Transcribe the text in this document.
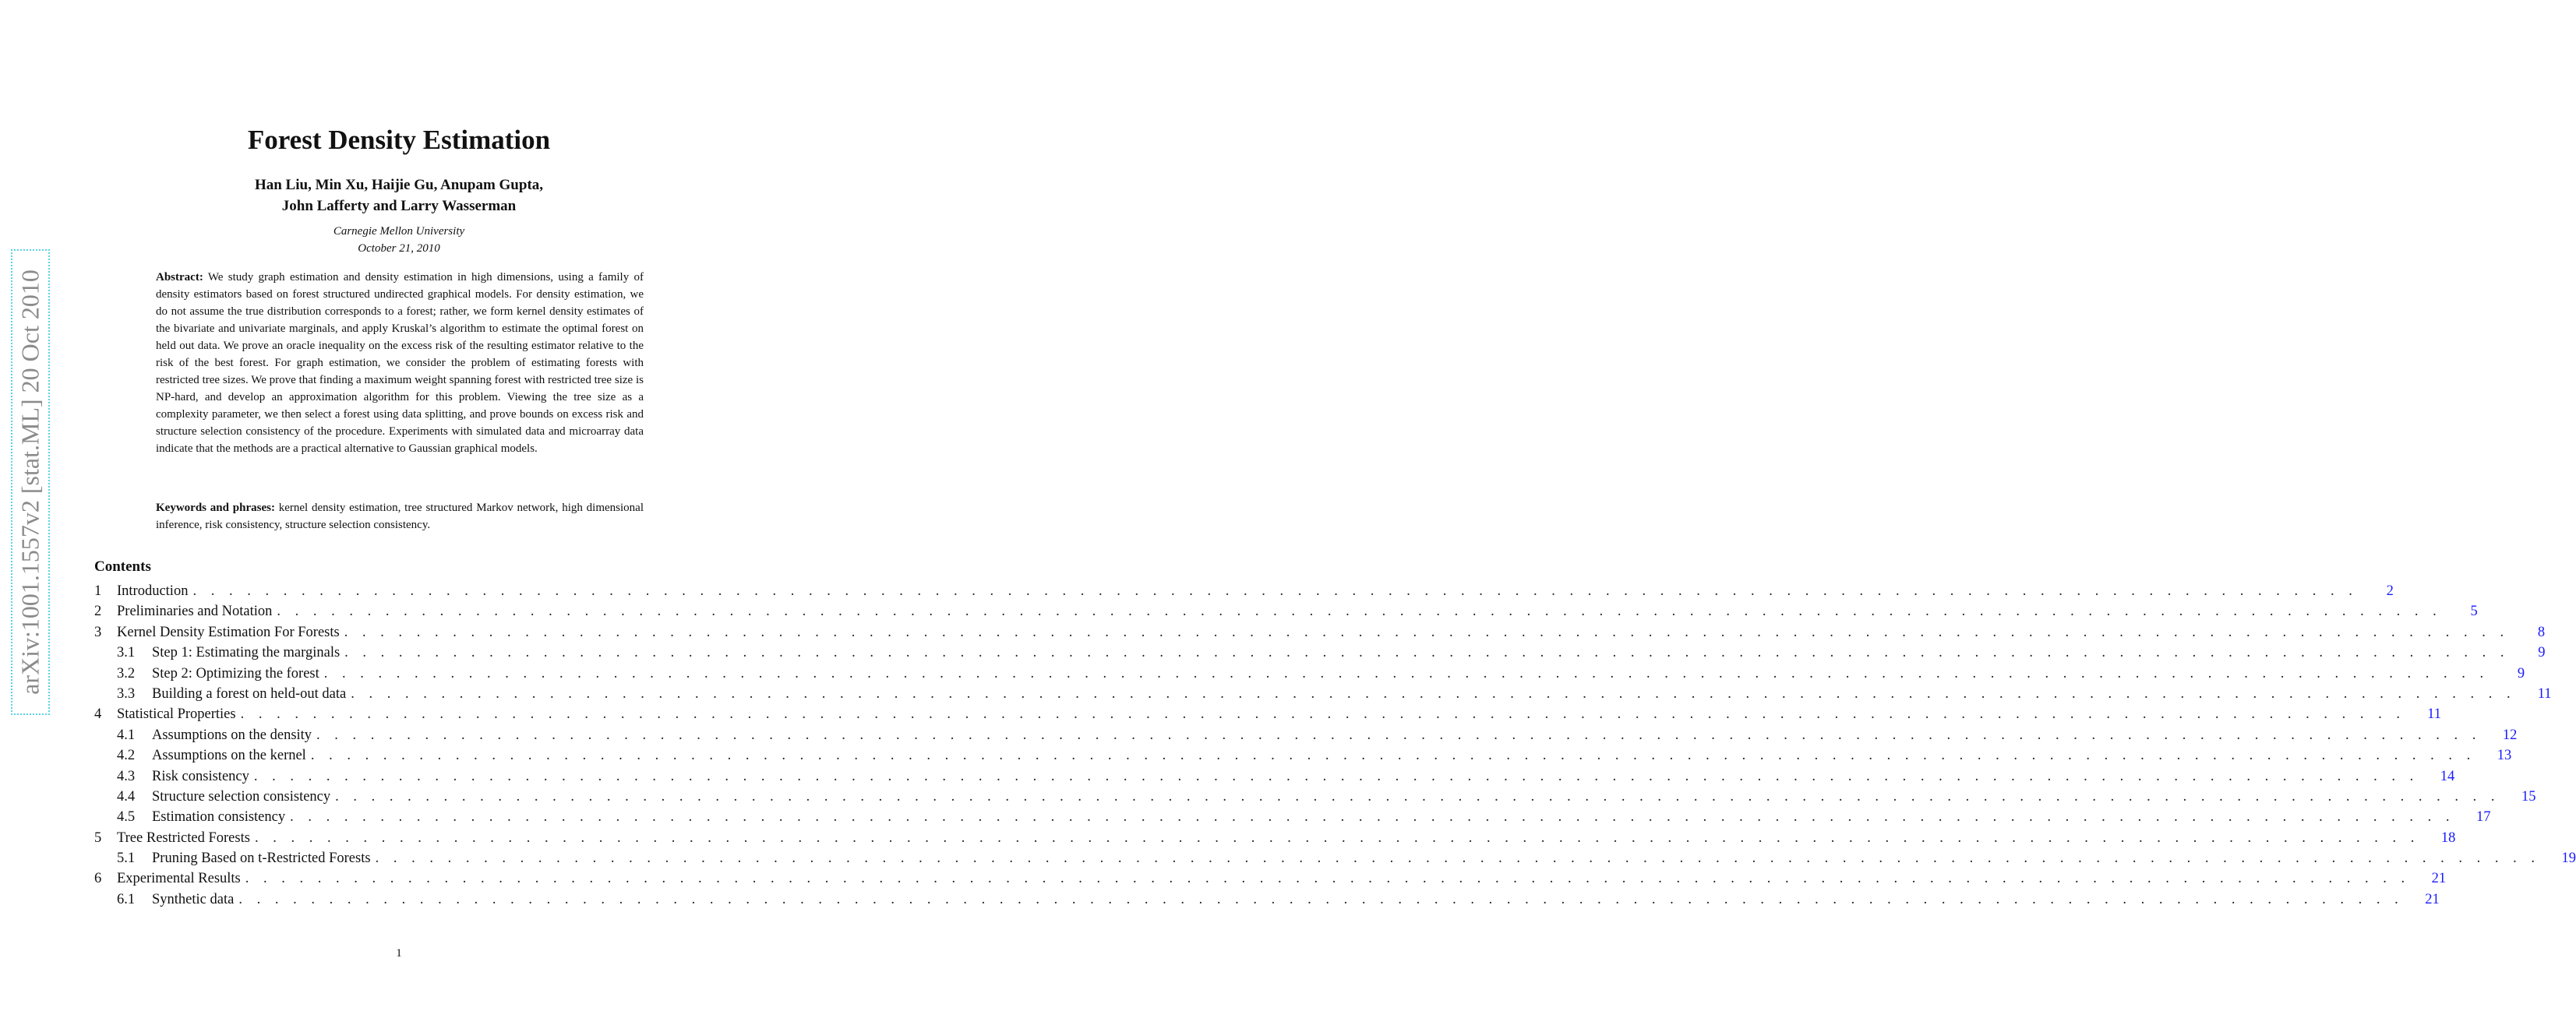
arXiv:1001.1557v2 [stat.ML] 20 Oct 2010
Forest Density Estimation
Han Liu, Min Xu, Haijie Gu, Anupam Gupta,
John Lafferty and Larry Wasserman
Carnegie Mellon University
October 21, 2010
Abstract: We study graph estimation and density estimation in high dimensions, using a family of density estimators based on forest structured undirected graphical models. For density estimation, we do not assume the true distribution corresponds to a forest; rather, we form kernel density estimates of the bivariate and univariate marginals, and apply Kruskal’s algorithm to estimate the optimal forest on held out data. We prove an oracle inequality on the excess risk of the resulting estimator relative to the risk of the best forest. For graph estimation, we consider the problem of estimating forests with restricted tree sizes. We prove that finding a maximum weight spanning forest with restricted tree size is NP-hard, and develop an approximation algorithm for this problem. Viewing the tree size as a complexity parameter, we then select a forest using data splitting, and prove bounds on excess risk and structure selection consistency of the procedure. Experiments with simulated data and microarray data indicate that the methods are a practical alternative to Gaussian graphical models.
Keywords and phrases: kernel density estimation, tree structured Markov network, high dimensional inference, risk consistency, structure selection consistency.
Contents
1	Introduction . . . . . . . . . . . . . . . . . . . . . . . . . . . . . . . . . . . . . . . . . . . . . . . . . . . . . . . . . . . . . . . . . . . . . . . . . . . . . . . . . . . . . . . . . . . . . . . . . . . . . . . . . . . . . . . . . . . . . . . .	2
2	Preliminaries and Notation . . . . . . . . . . . . . . . . . . . . . . . . . . . . . . . . . . . . . . . . . . . . . . . . . . . . . . . . . . . . . . . . . . . . . . . . . . . . . . . . . . . . . . . . . . . . . . . . . . . . . . . . . . . . . . . . . . . . . . . .	5
3	Kernel Density Estimation For Forests . . . . . . . . . . . . . . . . . . . . . . . . . . . . . . . . . . . . . . . . . . . . . . . . . . . . . . . . . . . . . . . . . . . . . . . . . . . . . . . . . . . . . . . . . . . . . . . . . . . . . . . . . . . . . . . . . . . . . . . .	8
3.1	Step 1: Estimating the marginals . . . . . . . . . . . . . . . . . . . . . . . . . . . . . . . . . . . . . . . . . . . . . . . . . . . . . . . . . . . . . . . . . . . . . . . . . . . . . . . . . . . . . . . . . . . . . . . . . . . . . . . . . . . . . . . . . . . . . . . .	9
3.2	Step 2: Optimizing the forest . . . . . . . . . . . . . . . . . . . . . . . . . . . . . . . . . . . . . . . . . . . . . . . . . . . . . . . . . . . . . . . . . . . . . . . . . . . . . . . . . . . . . . . . . . . . . . . . . . . . . . . . . . . . . . . . . . . . . . . .	9
3.3	Building a forest on held-out data . . . . . . . . . . . . . . . . . . . . . . . . . . . . . . . . . . . . . . . . . . . . . . . . . . . . . . . . . . . . . . . . . . . . . . . . . . . . . . . . . . . . . . . . . . . . . . . . . . . . . . . . . . . . . . . . . . . . . . . .	11
4	Statistical Properties . . . . . . . . . . . . . . . . . . . . . . . . . . . . . . . . . . . . . . . . . . . . . . . . . . . . . . . . . . . . . . . . . . . . . . . . . . . . . . . . . . . . . . . . . . . . . . . . . . . . . . . . . . . . . . . . . . . . . . . .	11
4.1	Assumptions on the density . . . . . . . . . . . . . . . . . . . . . . . . . . . . . . . . . . . . . . . . . . . . . . . . . . . . . . . . . . . . . . . . . . . . . . . . . . . . . . . . . . . . . . . . . . . . . . . . . . . . . . . . . . . . . . . . . . . . . . . .	12
4.2	Assumptions on the kernel . . . . . . . . . . . . . . . . . . . . . . . . . . . . . . . . . . . . . . . . . . . . . . . . . . . . . . . . . . . . . . . . . . . . . . . . . . . . . . . . . . . . . . . . . . . . . . . . . . . . . . . . . . . . . . . . . . . . . . . .	13
4.3	Risk consistency . . . . . . . . . . . . . . . . . . . . . . . . . . . . . . . . . . . . . . . . . . . . . . . . . . . . . . . . . . . . . . . . . . . . . . . . . . . . . . . . . . . . . . . . . . . . . . . . . . . . . . . . . . . . . . . . . . . . . . . .	14
4.4	Structure selection consistency . . . . . . . . . . . . . . . . . . . . . . . . . . . . . . . . . . . . . . . . . . . . . . . . . . . . . . . . . . . . . . . . . . . . . . . . . . . . . . . . . . . . . . . . . . . . . . . . . . . . . . . . . . . . . . . . . . . . . . . .	15
4.5	Estimation consistency . . . . . . . . . . . . . . . . . . . . . . . . . . . . . . . . . . . . . . . . . . . . . . . . . . . . . . . . . . . . . . . . . . . . . . . . . . . . . . . . . . . . . . . . . . . . . . . . . . . . . . . . . . . . . . . . . . . . . . . .	17
5	Tree Restricted Forests . . . . . . . . . . . . . . . . . . . . . . . . . . . . . . . . . . . . . . . . . . . . . . . . . . . . . . . . . . . . . . . . . . . . . . . . . . . . . . . . . . . . . . . . . . . . . . . . . . . . . . . . . . . . . . . . . . . . . . . .	18
5.1	Pruning Based on t-Restricted Forests . . . . . . . . . . . . . . . . . . . . . . . . . . . . . . . . . . . . . . . . . . . . . . . . . . . . . . . . . . . . . . . . . . . . . . . . . . . . . . . . . . . . . . . . . . . . . . . . . . . . . . . . . . . . . . . . . . . . . . . .	19
6	Experimental Results . . . . . . . . . . . . . . . . . . . . . . . . . . . . . . . . . . . . . . . . . . . . . . . . . . . . . . . . . . . . . . . . . . . . . . . . . . . . . . . . . . . . . . . . . . . . . . . . . . . . . . . . . . . . . . . . . . . . . . . .	21
6.1	Synthetic data . . . . . . . . . . . . . . . . . . . . . . . . . . . . . . . . . . . . . . . . . . . . . . . . . . . . . . . . . . . . . . . . . . . . . . . . . . . . . . . . . . . . . . . . . . . . . . . . . . . . . . . . . . . . . . . . . . . . . . . .	21
1
